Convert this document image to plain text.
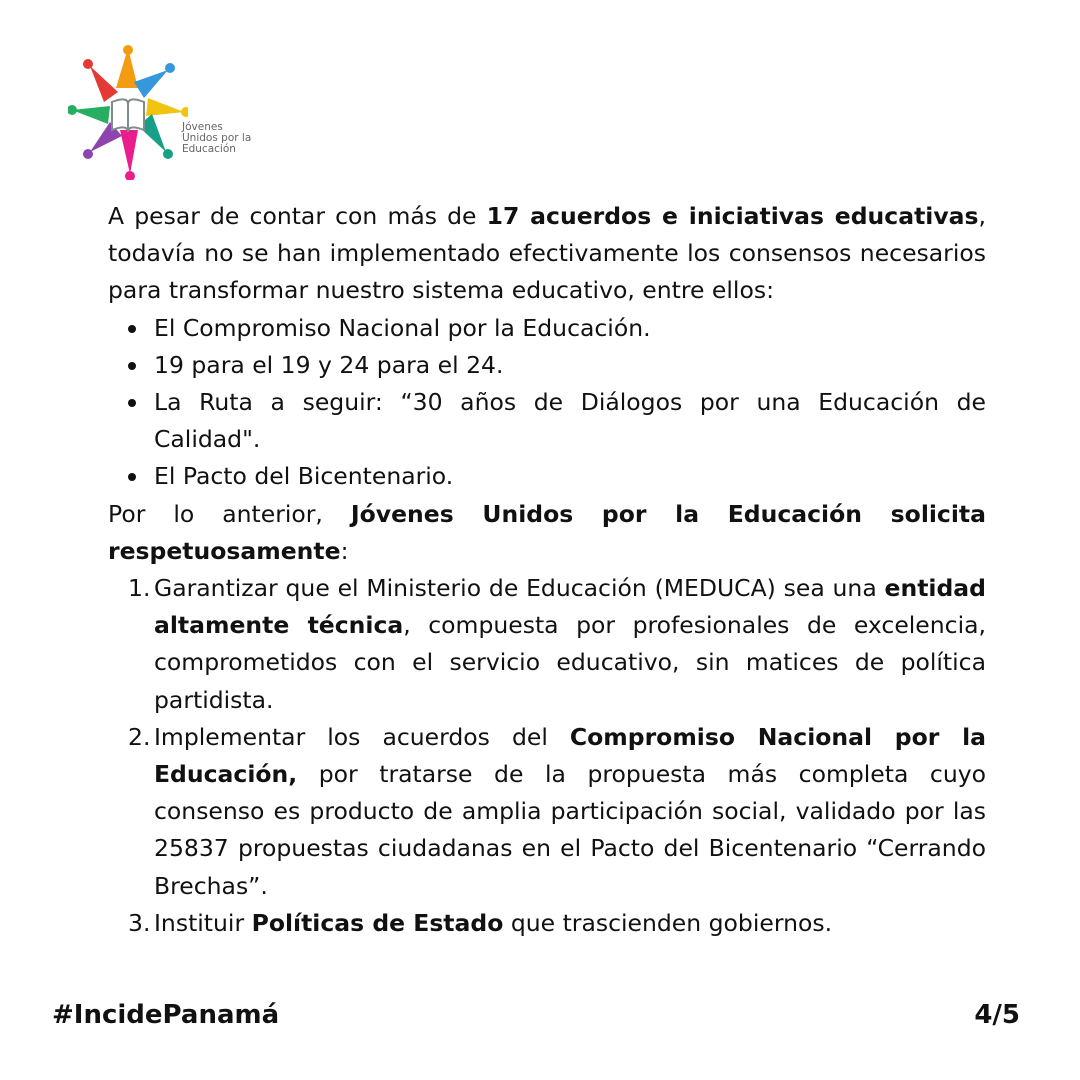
Jóvenes
Unidos por la
Educación

A pesar de contar con más de 17 acuerdos e iniciativas educativas, todavía no se han implementado efectivamente los consensos necesarios para transformar nuestro sistema educativo, entre ellos:

El Compromiso Nacional por la Educación.
19 para el 19 y 24 para el 24.
La Ruta a seguir: “30 años de Diálogos por una Educación de Calidad".
El Pacto del Bicentenario.

Por lo anterior, Jóvenes Unidos por la Educación solicita respetuosamente:

1. Garantizar que el Ministerio de Educación (MEDUCA) sea una entidad altamente técnica, compuesta por profesionales de excelencia, comprometidos con el servicio educativo, sin matices de política partidista.
2. Implementar los acuerdos del Compromiso Nacional por la Educación, por tratarse de la propuesta más completa cuyo consenso es producto de amplia participación social, validado por las 25837 propuestas ciudadanas en el Pacto del Bicentenario “Cerrando Brechas”.
3. Instituir Políticas de Estado que trascienden gobiernos.
#IncidePanamá	4/5
